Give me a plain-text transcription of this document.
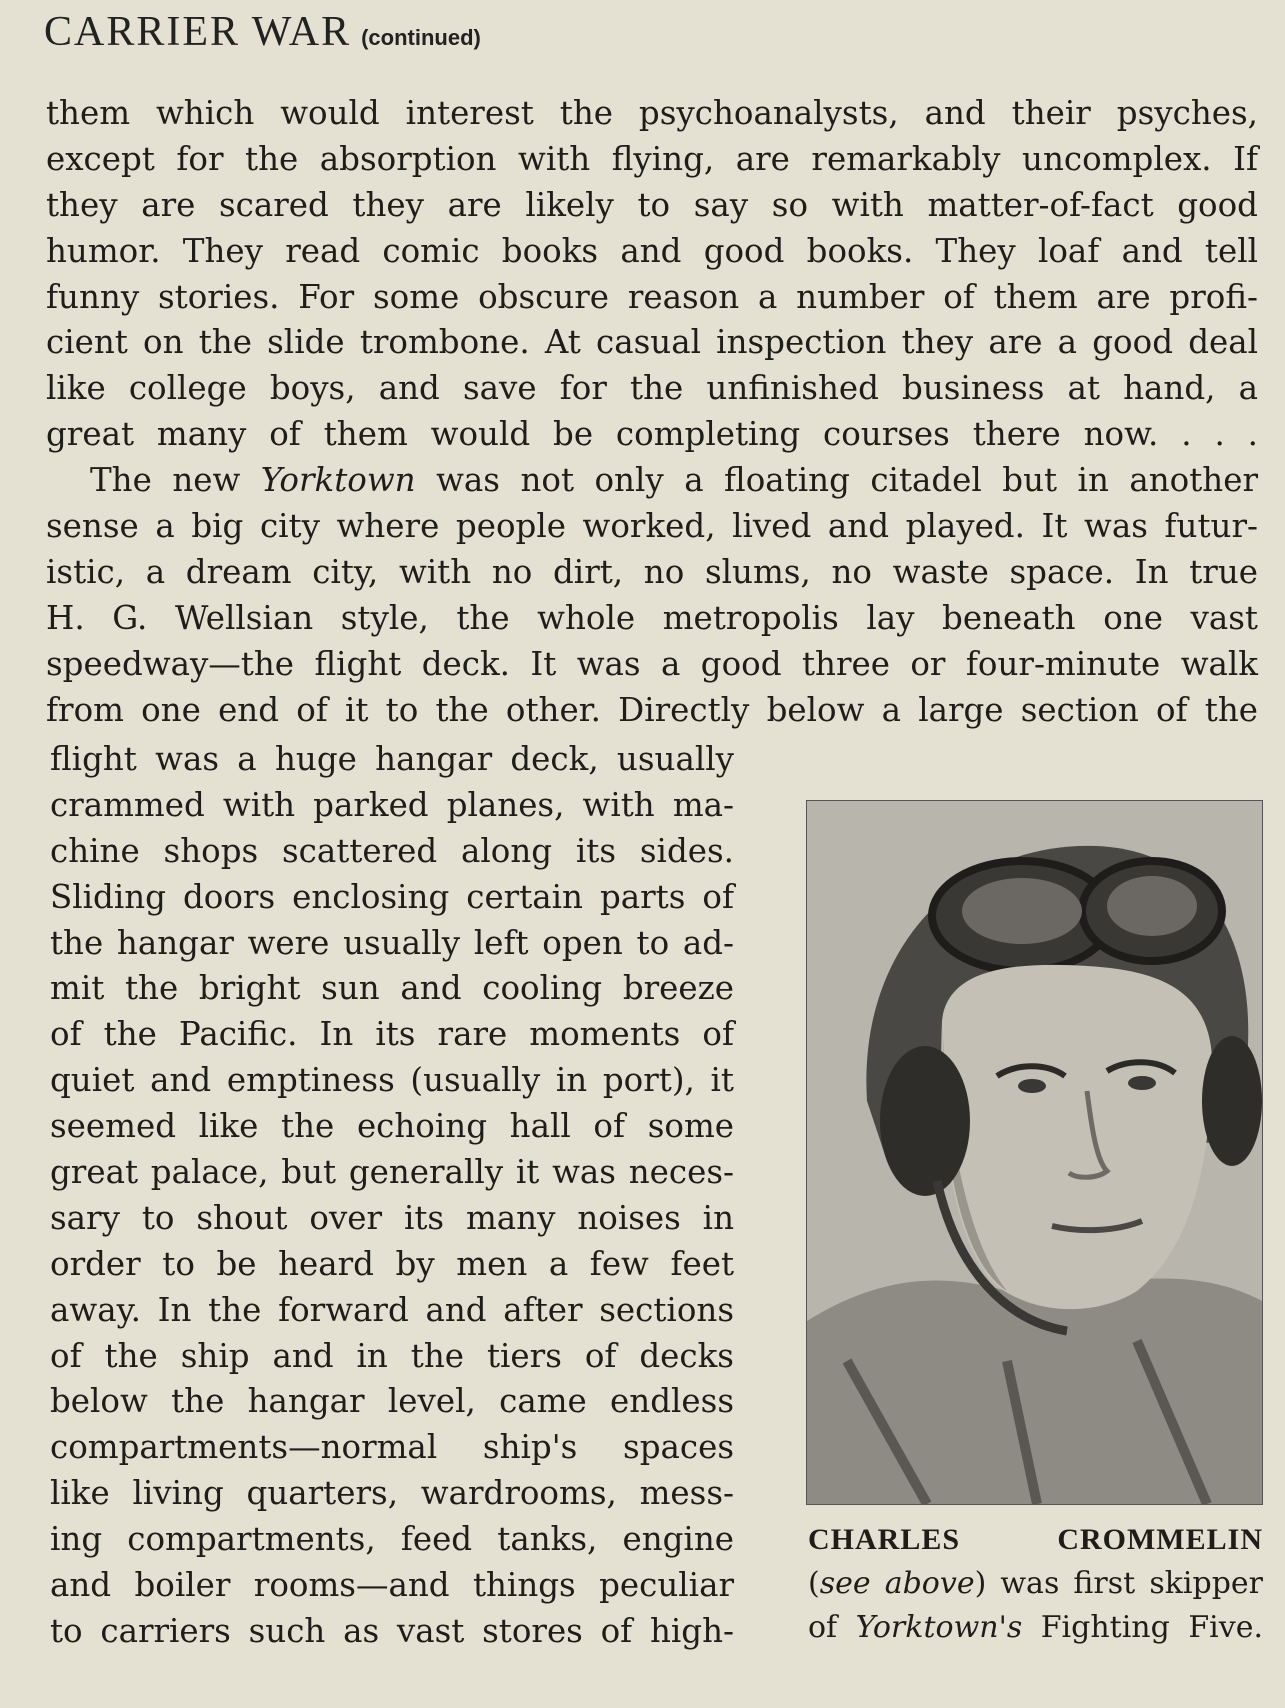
CARRIER WAR (continued)
them which would interest the psychoanalysts, and their psyches,
except for the absorption with flying, are remarkably uncomplex. If
they are scared they are likely to say so with matter-of-fact good
humor. They read comic books and good books. They loaf and tell
funny stories. For some obscure reason a number of them are profi-
cient on the slide trombone. At casual inspection they are a good deal
like college boys, and save for the unfinished business at hand, a
great many of them would be completing courses there now. . . .
The new Yorktown was not only a floating citadel but in another
sense a big city where people worked, lived and played. It was futur-
istic, a dream city, with no dirt, no slums, no waste space. In true
H. G. Wellsian style, the whole metropolis lay beneath one vast
speedway—the flight deck. It was a good three or four-minute walk
from one end of it to the other. Directly below a large section of the
flight was a huge hangar deck, usually
crammed with parked planes, with ma-
chine shops scattered along its sides.
Sliding doors enclosing certain parts of
the hangar were usually left open to ad-
mit the bright sun and cooling breeze
of the Pacific. In its rare moments of
quiet and emptiness (usually in port), it
seemed like the echoing hall of some
great palace, but generally it was neces-
sary to shout over its many noises in
order to be heard by men a few feet
away. In the forward and after sections
of the ship and in the tiers of decks
below the hangar level, came endless
compartments—normal ship's spaces
like living quarters, wardrooms, mess-
ing compartments, feed tanks, engine
and boiler rooms—and things peculiar
to carriers such as vast stores of high-
CHARLES CROMMELIN
(see above) was first skipper
of Yorktown's Fighting Five.
